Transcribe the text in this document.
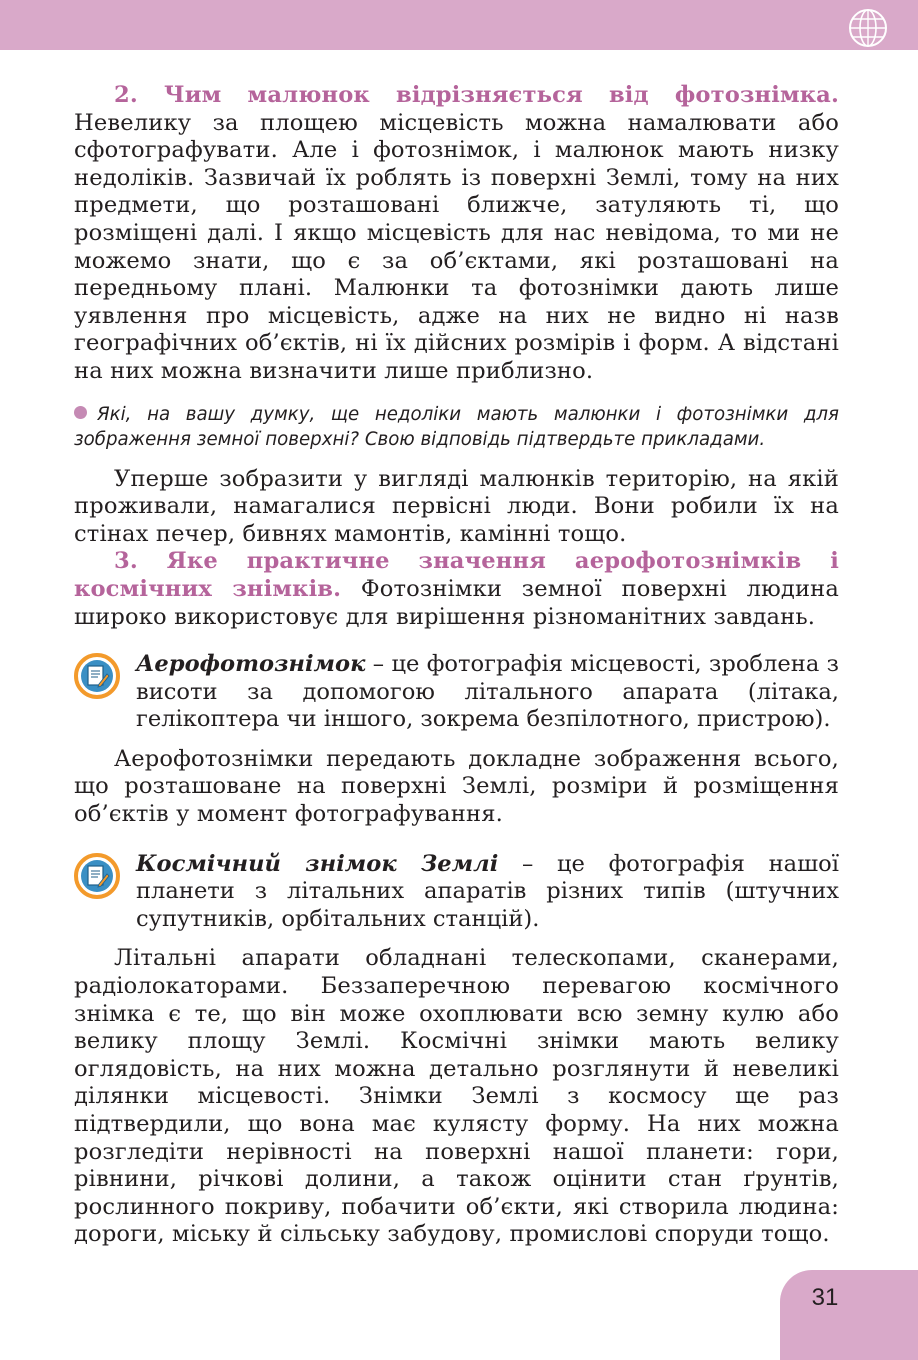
2. Чим малюнок відрізняється від фотознімка. Невелику за площею місцевість можна намалювати або сфотографувати. Але і фотознімок, і малюнок мають низку недоліків. Зазвичай їх роблять із поверхні Землі, тому на них предмети, що розташовані ближче, затуляють ті, що розміщені далі. І якщо місцевість для нас невідома, то ми не можемо знати, що є за об’єктами, які розташовані на передньому плані. Малюнки та фотознімки дають лише уявлення про місцевість, адже на них не видно ні назв географічних об’єктів, ні їх дійсних розмірів і форм. А відстані на них можна визначити лише приблизно.

Які, на вашу думку, ще недоліки мають малюнки і фотознімки для зображення земної поверхні? Свою відповідь підтвердьте прикладами.

Уперше зобразити у вигляді малюнків територію, на якій проживали, намагалися первісні люди. Вони робили їх на стінах печер, бивнях мамонтів, камінні тощо.

3. Яке практичне значення аерофотознімків і космічних знімків. Фотознімки земної поверхні людина широко використовує для вирішення різноманітних завдань.

Аерофотознімок – це фотографія місцевості, зроблена з висоти за допомогою літального апарата (літака, гелікоптера чи іншого, зокрема безпілотного, пристрою).

Аерофотознімки передають докладне зображення всього, що розташоване на поверхні Землі, розміри й розміщення об’єктів у момент фотографування.

Космічний знімок Землі – це фотографія нашої планети з літальних апаратів різних типів (штучних супутників, орбітальних станцій).

Літальні апарати обладнані телескопами, сканерами, радіолокаторами. Беззаперечною перевагою космічного знімка є те, що він може охоплювати всю земну кулю або велику площу Землі. Космічні знімки мають велику оглядовість, на них можна детально розглянути й невеликі ділянки місцевості. Знімки Землі з космосу ще раз підтвердили, що вона має кулясту форму. На них можна розгледіти нерівності на поверхні нашої планети: гори, рівнини, річкові долини, а також оцінити стан ґрунтів, рослинного покриву, побачити об’єкти, які створила людина: дороги, міську й сільську забудову, промислові споруди тощо.

31
